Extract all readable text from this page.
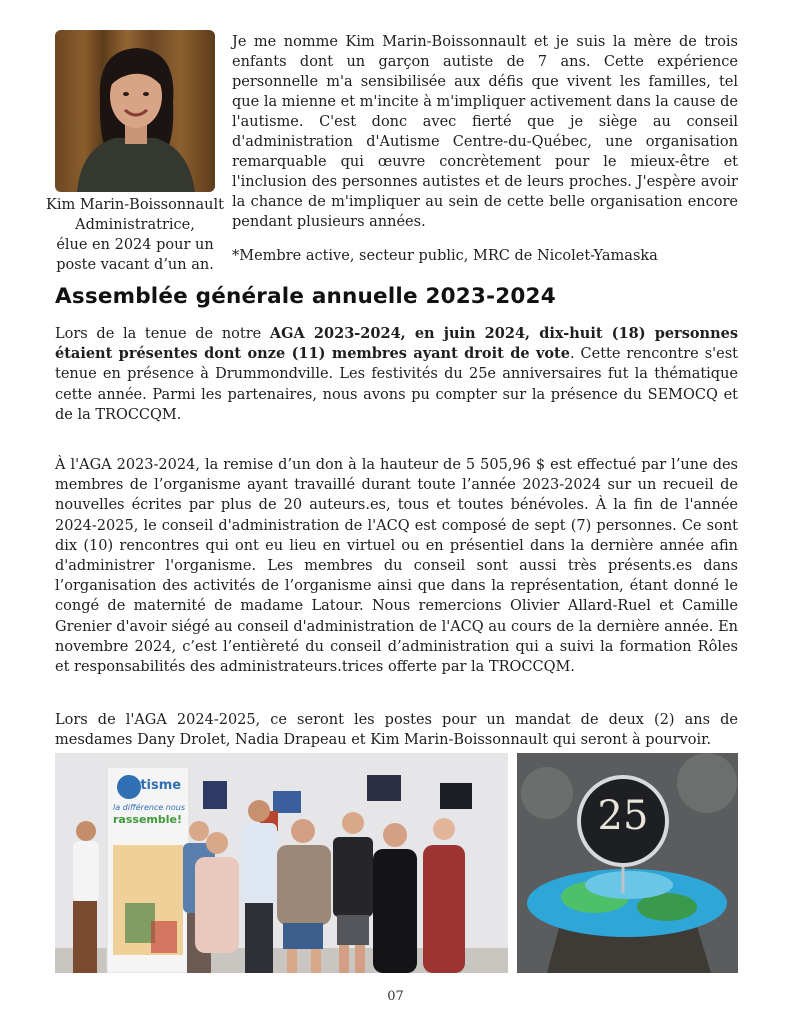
Kim Marin-Boissonnault
Administratrice,
élue en 2024 pour un poste vacant d’un an.
Je me nomme Kim Marin-Boissonnault et je suis la mère de trois enfants dont un garçon autiste de 7 ans. Cette expérience personnelle m'a sensibilisée aux défis que vivent les familles, tel que la mienne et m'incite à m'impliquer activement dans la cause de l'autisme. C'est donc avec fierté que je siège au conseil d'administration d'Autisme Centre-du-Québec, une organisation remarquable qui œuvre concrètement pour le mieux-être et l'inclusion des personnes autistes et de leurs proches. J'espère avoir la chance de m'impliquer au sein de cette belle organisation encore pendant plusieurs années.
*Membre active, secteur public, MRC de Nicolet-Yamaska
Assemblée générale annuelle 2023-2024

Lors de la tenue de notre AGA 2023-2024, en juin 2024, dix-huit (18) personnes étaient présentes dont onze (11) membres ayant droit de vote. Cette rencontre s'est tenue en présence à Drummondville. Les festivités du 25e anniversaires fut la thématique cette année. Parmi les partenaires, nous avons pu compter sur la présence du SEMOCQ et de la TROCCQM.

À l'AGA 2023-2024, la remise d’un don à la hauteur de 5 505,96 $ est effectué par l’une des membres de l’organisme ayant travaillé durant toute l’année 2023-2024 sur un recueil de nouvelles écrites par plus de 20 auteurs.es, tous et toutes bénévoles. À la fin de l'année 2024-2025, le conseil d'administration de l'ACQ est composé de sept (7) personnes. Ce sont dix (10) rencontres qui ont eu lieu en virtuel ou en présentiel dans la dernière année afin d'administrer l'organisme. Les membres du conseil sont aussi très présents.es dans l’organisation des activités de l’organisme ainsi que dans la représentation, étant donné le congé de maternité de madame Latour. Nous remercions Olivier Allard-Ruel et Camille Grenier d'avoir siégé au conseil d'administration de l'ACQ au cours de la dernière année. En novembre 2024, c’est l’entièreté du conseil d’administration qui a suivi la formation Rôles et responsabilités des administrateurs.trices offerte par la TROCCQM.

Lors de l'AGA 2024-2025, ce seront les postes pour un mandat de deux (2) ans de mesdames Dany Drolet, Nadia Drapeau et Kim Marin-Boissonnault qui seront à pourvoir.

Autisme
la différence nous
rassemble!	25
07
